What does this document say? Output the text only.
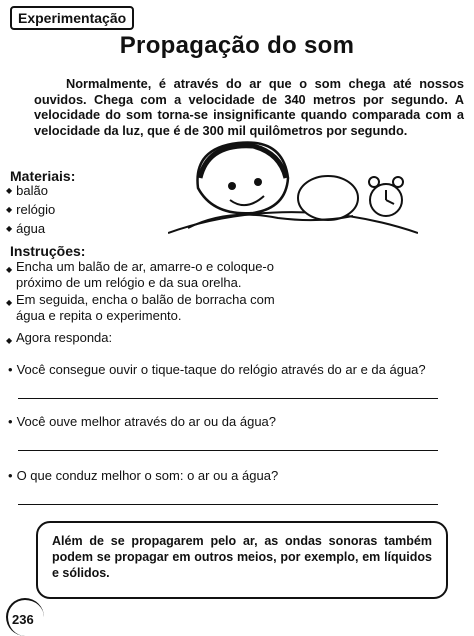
Experimentação
Propagação do som
Normalmente, é através do ar que o som chega até nossos ouvidos. Chega com a velocidade de 340 metros por segundo. A velocidade do som torna-se insignificante quando comparada com a velocidade da luz, que é de 300 mil quilômetros por segundo.
Materiais:
◆ balão
◆ relógio
◆ água
Instruções:
◆ Encha um balão de ar, amarre-o e coloque-o próximo de um relógio e da sua orelha.
◆ Em seguida, encha o balão de borracha com água e repita o experimento.
◆ Agora responda:
• Você consegue ouvir o tique-taque do relógio através do ar e da água?
• Você ouve melhor através do ar ou da água?
• O que conduz melhor o som: o ar ou a água?
Além de se propagarem pelo ar, as ondas sonoras também podem se propagar em outros meios, por exemplo, em líquidos e sólidos.
236
